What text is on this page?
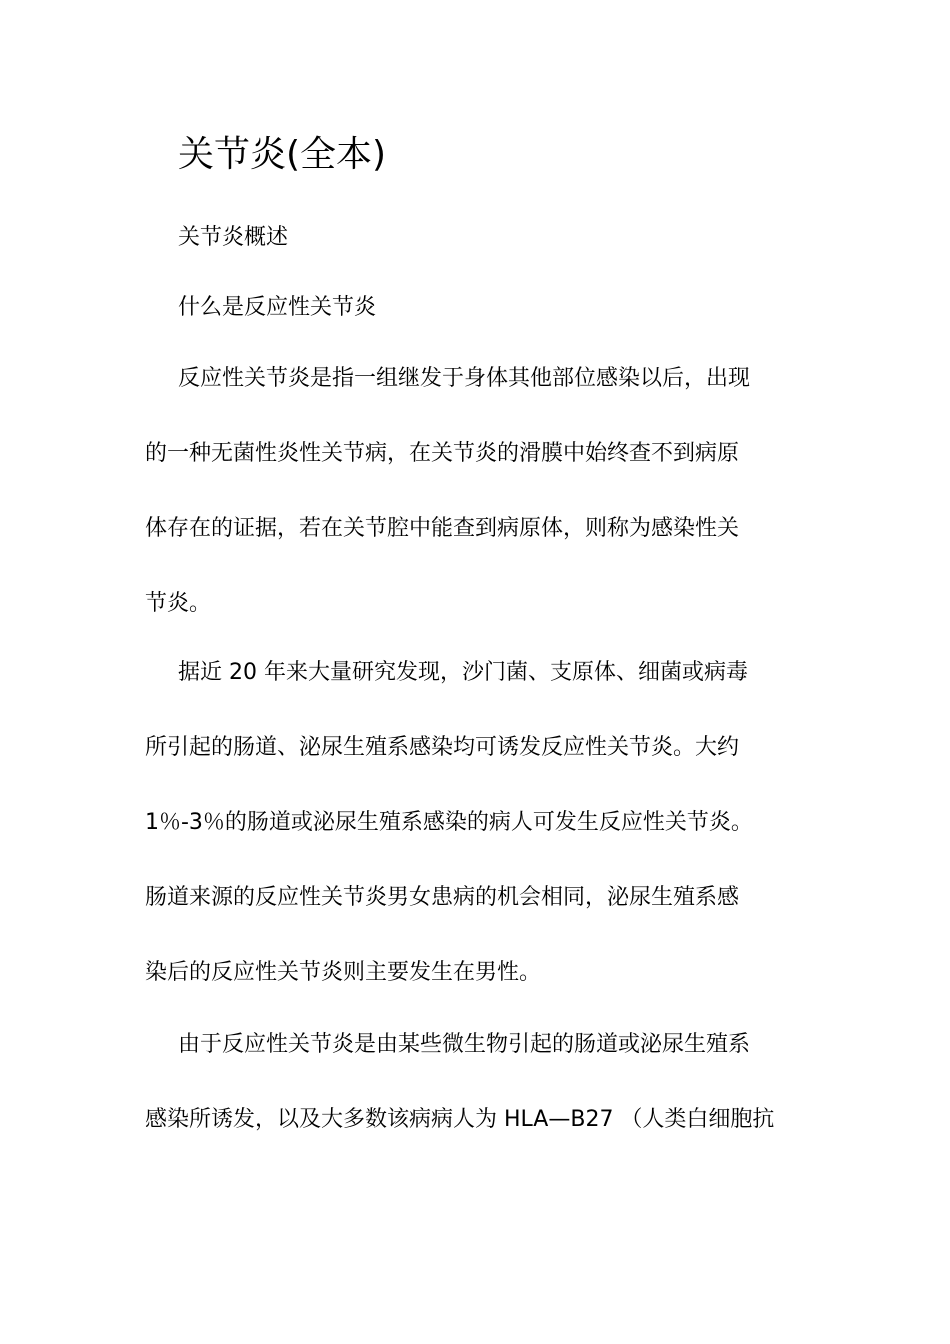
关节炎(全本)

关节炎概述

什么是反应性关节炎

反应性关节炎是指一组继发于身体其他部位感染以后，出现
的一种无菌性炎性关节病，在关节炎的滑膜中始终查不到病原
体存在的证据，若在关节腔中能查到病原体，则称为感染性关
节炎。
据近 20 年来大量研究发现，沙门菌、支原体、细菌或病毒
所引起的肠道、泌尿生殖系感染均可诱发反应性关节炎。大约
1％-3％的肠道或泌尿生殖系感染的病人可发生反应性关节炎。
肠道来源的反应性关节炎男女患病的机会相同，泌尿生殖系感
染后的反应性关节炎则主要发生在男性。
由于反应性关节炎是由某些微生物引起的肠道或泌尿生殖系
感染所诱发，以及大多数该病病人为 HLA—B27 （人类白细胞抗
